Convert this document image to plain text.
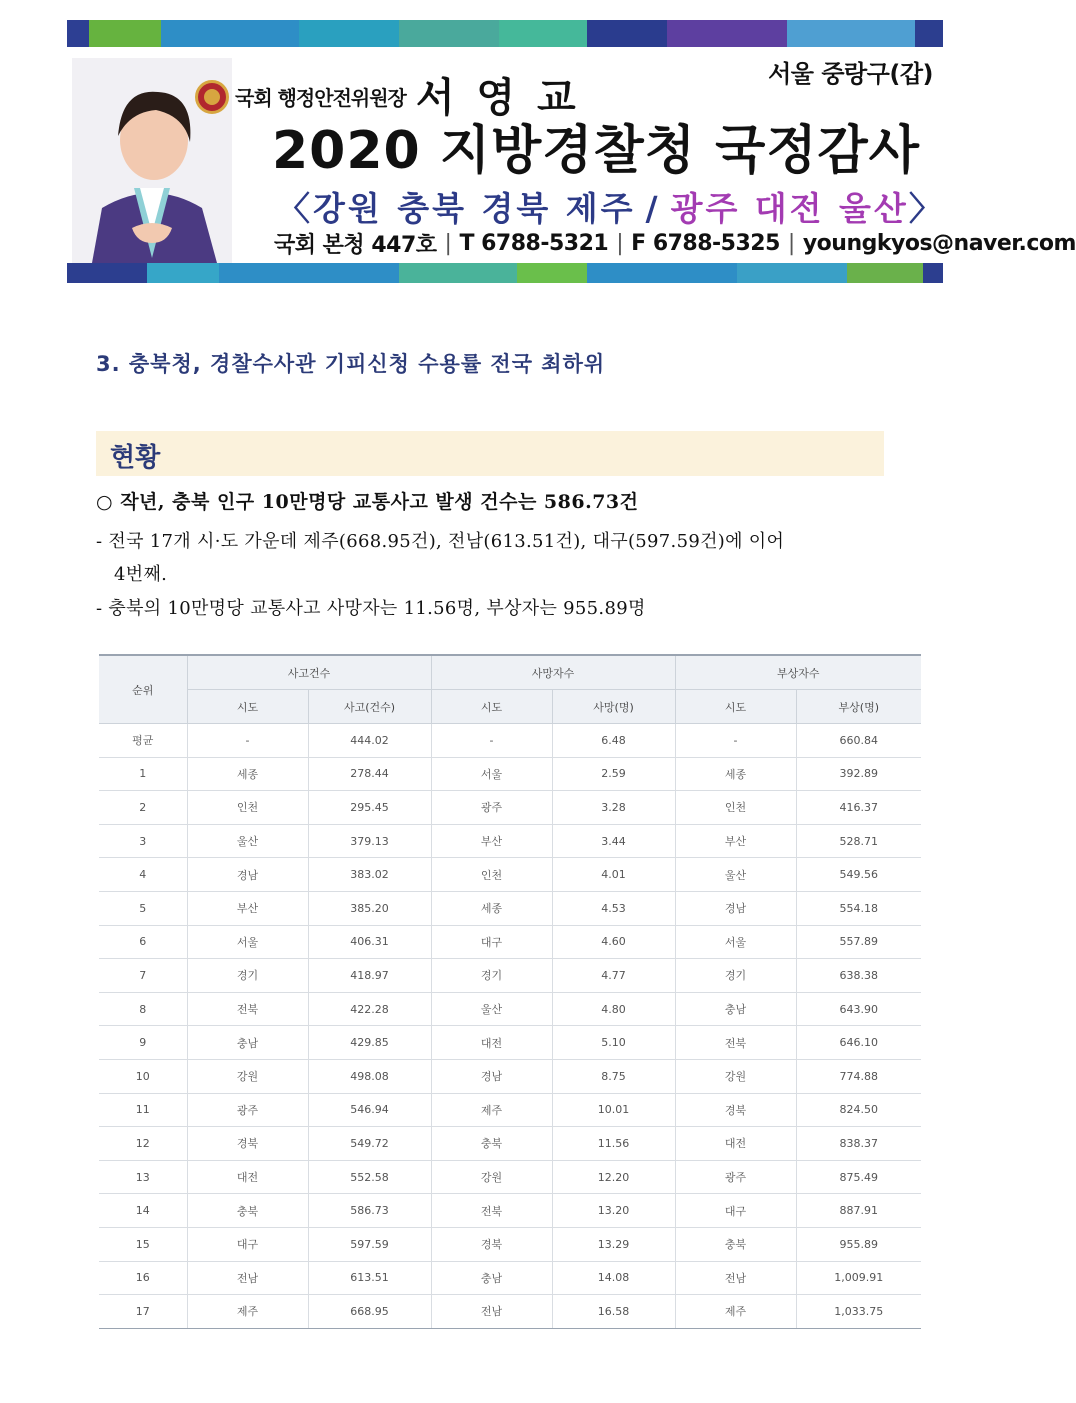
국회 행정안전위원장 서 영 교
서울 중랑구(갑)
2020 지방경찰청 국정감사
〈강원 충북 경북 제주 / 광주 대전 울산〉
국회 본청 447호 | T 6788-5321 | F 6788-5325 | youngkyos@naver.com
3. 충북청, 경찰수사관 기피신청 수용률 전국 최하위
현황
○ 작년, 충북 인구 10만명당 교통사고 발생 건수는 586.73건
- 전국 17개 시·도 가운데 제주(668.95건), 전남(613.51건), 대구(597.59건)에 이어
4번째.
- 충북의 10만명당 교통사고 사망자는 11.56명, 부상자는 955.89명
순위	사고건수		사망자수		부상자수	
	시도	사고(건수)	시도	사망(명)	시도	부상(명)
평균	-	444.02	-	6.48	-	660.84
1	세종	278.44	서울	2.59	세종	392.89
2	인천	295.45	광주	3.28	인천	416.37
3	울산	379.13	부산	3.44	부산	528.71
4	경남	383.02	인천	4.01	울산	549.56
5	부산	385.20	세종	4.53	경남	554.18
6	서울	406.31	대구	4.60	서울	557.89
7	경기	418.97	경기	4.77	경기	638.38
8	전북	422.28	울산	4.80	충남	643.90
9	충남	429.85	대전	5.10	전북	646.10
10	강원	498.08	경남	8.75	강원	774.88
11	광주	546.94	제주	10.01	경북	824.50
12	경북	549.72	충북	11.56	대전	838.37
13	대전	552.58	강원	12.20	광주	875.49
14	충북	586.73	전북	13.20	대구	887.91
15	대구	597.59	경북	13.29	충북	955.89
16	전남	613.51	충남	14.08	전남	1,009.91
17	제주	668.95	전남	16.58	제주	1,033.75
